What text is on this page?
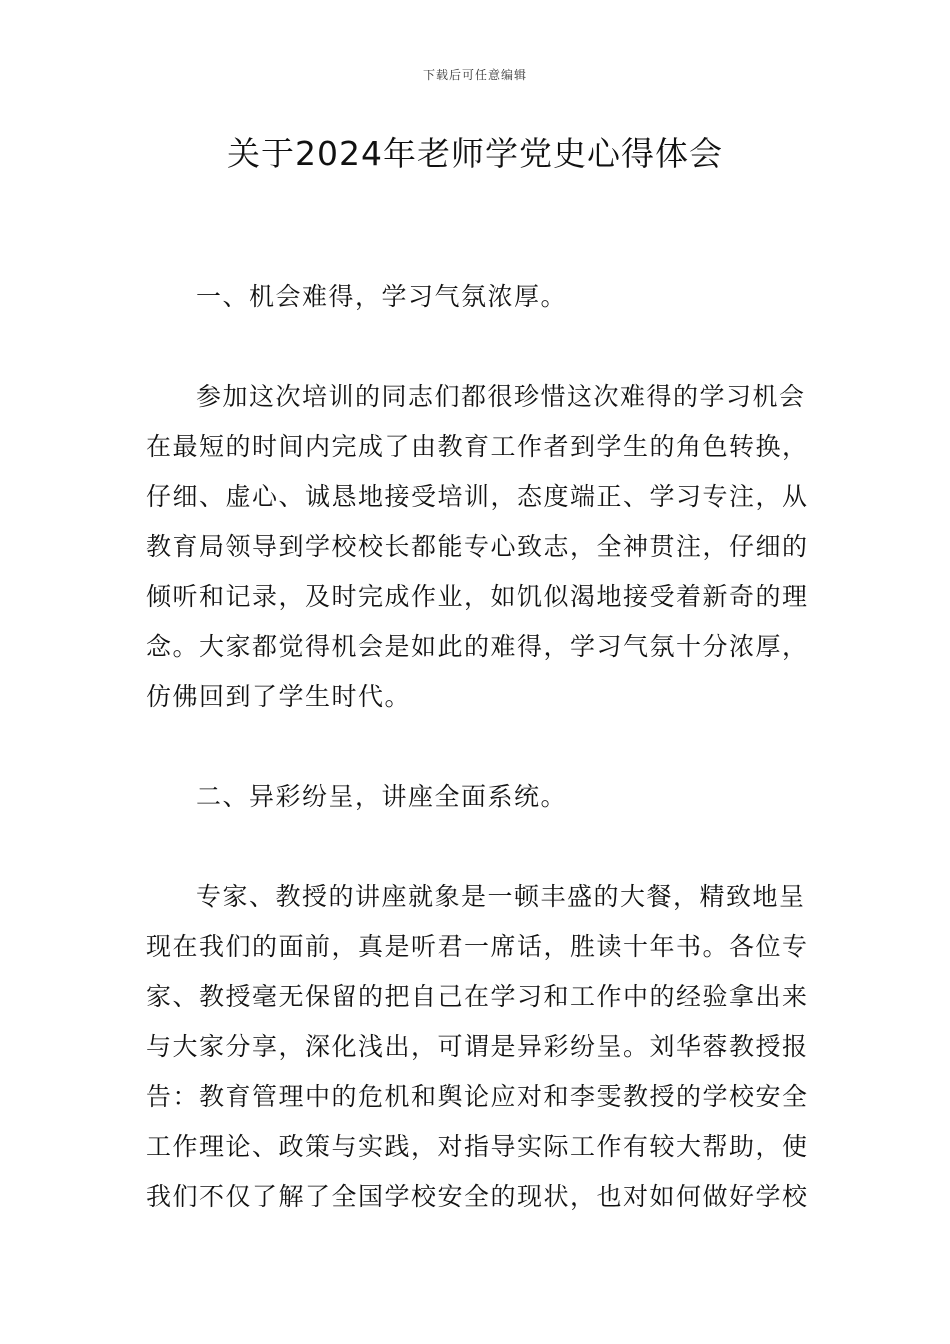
下载后可任意编辑
关于2024年老师学党史心得体会

一、机会难得，学习气氛浓厚。

参加这次培训的同志们都很珍惜这次难得的学习机会
在最短的时间内完成了由教育工作者到学生的角色转换，
仔细、虚心、诚恳地接受培训，态度端正、学习专注，从
教育局领导到学校校长都能专心致志，全神贯注，仔细的
倾听和记录，及时完成作业，如饥似渴地接受着新奇的理
念。大家都觉得机会是如此的难得，学习气氛十分浓厚，
仿佛回到了学生时代。

二、异彩纷呈，讲座全面系统。

专家、教授的讲座就象是一顿丰盛的大餐，精致地呈
现在我们的面前，真是听君一席话，胜读十年书。各位专
家、教授毫无保留的把自己在学习和工作中的经验拿出来
与大家分享，深化浅出，可谓是异彩纷呈。刘华蓉教授报
告：教育管理中的危机和舆论应对和李雯教授的学校安全
工作理论、政策与实践，对指导实际工作有较大帮助，使
我们不仅了解了全国学校安全的现状，也对如何做好学校
